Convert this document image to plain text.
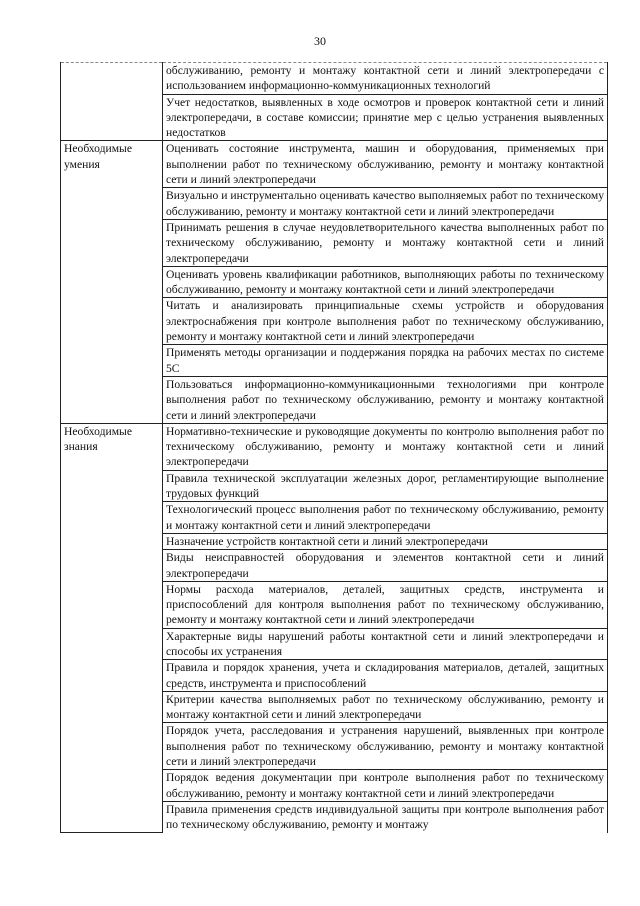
30
	обслуживанию, ремонту и монтажу контактной сети и линий электропередачи с использованием информационно-коммуникационных технологий
	Учет недостатков, выявленных в ходе осмотров и проверок контактной сети и линий электропередачи, в составе комиссии; принятие мер с целью устранения выявленных недостатков
Необходимые умения	Оценивать состояние инструмента, машин и оборудования, применяемых при выполнении работ по техническому обслуживанию, ремонту и монтажу контактной сети и линий электропередачи
	Визуально и инструментально оценивать качество выполняемых работ по техническому обслуживанию, ремонту и монтажу контактной сети и линий электропередачи
	Принимать решения в случае неудовлетворительного качества выполненных работ по техническому обслуживанию, ремонту и монтажу контактной сети и линий электропередачи
	Оценивать уровень квалификации работников, выполняющих работы по техническому обслуживанию, ремонту и монтажу контактной сети и линий электропередачи
	Читать и анализировать принципиальные схемы устройств и оборудования электроснабжения при контроле выполнения работ по техническому обслуживанию, ремонту и монтажу контактной сети и линий электропередачи
	Применять методы организации и поддержания порядка на рабочих местах по системе 5С
	Пользоваться информационно-коммуникационными технологиями при контроле выполнения работ по техническому обслуживанию, ремонту и монтажу контактной сети и линий электропередачи
Необходимые знания	Нормативно-технические и руководящие документы по контролю выполнения работ по техническому обслуживанию, ремонту и монтажу контактной сети и линий электропередачи
	Правила технической эксплуатации железных дорог, регламентирующие выполнение трудовых функций
	Технологический процесс выполнения работ по техническому обслуживанию, ремонту и монтажу контактной сети и линий электропередачи
	Назначение устройств контактной сети и линий электропередачи
	Виды неисправностей оборудования и элементов контактной сети и линий электропередачи
	Нормы расхода материалов, деталей, защитных средств, инструмента и приспособлений для контроля выполнения работ по техническому обслуживанию, ремонту и монтажу контактной сети и линий электропередачи
	Характерные виды нарушений работы контактной сети и линий электропередачи и способы их устранения
	Правила и порядок хранения, учета и складирования материалов, деталей, защитных средств, инструмента и приспособлений
	Критерии качества выполняемых работ по техническому обслуживанию, ремонту и монтажу контактной сети и линий электропередачи
	Порядок учета, расследования и устранения нарушений, выявленных при контроле выполнения работ по техническому обслуживанию, ремонту и монтажу контактной сети и линий электропередачи
	Порядок ведения документации при контроле выполнения работ по техническому обслуживанию, ремонту и монтажу контактной сети и линий электропередачи
	Правила применения средств индивидуальной защиты при контроле выполнения работ по техническому обслуживанию, ремонту и монтажу
